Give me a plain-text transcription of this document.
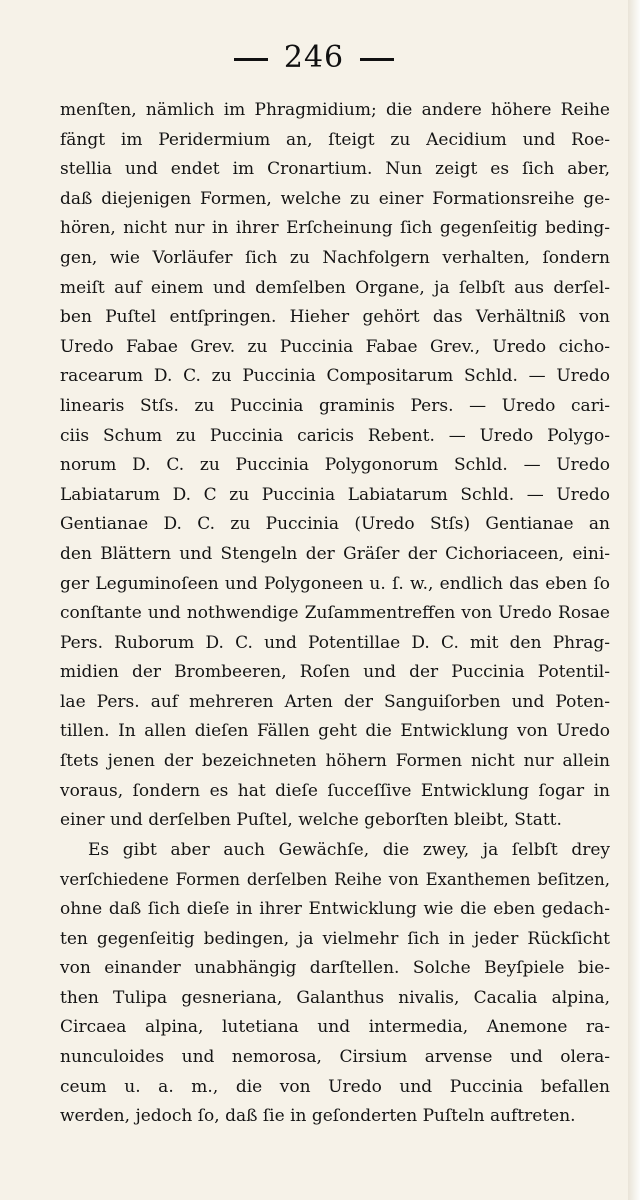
246
menſten, nämlich im Phragmidium; die andere höhere Reihe
fängt im Peridermium an, ſteigt zu Aecidium und Roe-
stellia und endet im Cronartium. Nun zeigt es ſich aber,
daß diejenigen Formen, welche zu einer Formationsreihe ge-
hören, nicht nur in ihrer Erſcheinung ſich gegenſeitig beding-
gen, wie Vorläufer ſich zu Nachfolgern verhalten, ſondern
meiſt auf einem und demſelben Organe, ja ſelbſt aus derſel-
ben Puſtel entſpringen. Hieher gehört das Verhältniß von
Uredo Fabae Grev. zu Puccinia Fabae Grev., Uredo cicho-
racearum D. C. zu Puccinia Compositarum Schld. — Uredo
linearis Stſs. zu Puccinia graminis Pers. — Uredo cari-
ciis Schum zu Puccinia caricis Rebent. — Uredo Polygo-
norum D. C. zu Puccinia Polygonorum Schld. — Uredo
Labiatarum D. C zu Puccinia Labiatarum Schld. — Uredo
Gentianae D. C. zu Puccinia (Uredo Stſs) Gentianae an
den Blättern und Stengeln der Gräſer der Cichoriaceen, eini-
ger Leguminoſeen und Polygoneen u. ſ. w., endlich das eben ſo
conſtante und nothwendige Zuſammentreffen von Uredo Rosae
Pers. Ruborum D. C. und Potentillae D. C. mit den Phrag-
midien der Brombeeren, Roſen und der Puccinia Potentil-
lae Pers. auf mehreren Arten der Sanguiſorben und Poten-
tillen. In allen dieſen Fällen geht die Entwicklung von Uredo
ſtets jenen der bezeichneten höhern Formen nicht nur allein
voraus, ſondern es hat dieſe ſucceſſive Entwicklung ſogar in
einer und derſelben Puſtel, welche geborſten bleibt, Statt.
Es gibt aber auch Gewächſe, die zwey, ja ſelbſt drey
verſchiedene Formen derſelben Reihe von Exanthemen beſitzen,
ohne daß ſich dieſe in ihrer Entwicklung wie die eben gedach-
ten gegenſeitig bedingen, ja vielmehr ſich in jeder Rückſicht
von einander unabhängig darſtellen. Solche Beyſpiele bie-
then Tulipa gesneriana, Galanthus nivalis, Cacalia alpina,
Circaea alpina, lutetiana und intermedia, Anemone ra-
nunculoides und nemorosa, Cirsium arvense und olera-
ceum u. a. m., die von Uredo und Puccinia befallen
werden, jedoch ſo, daß ſie in geſonderten Puſteln auftreten.
